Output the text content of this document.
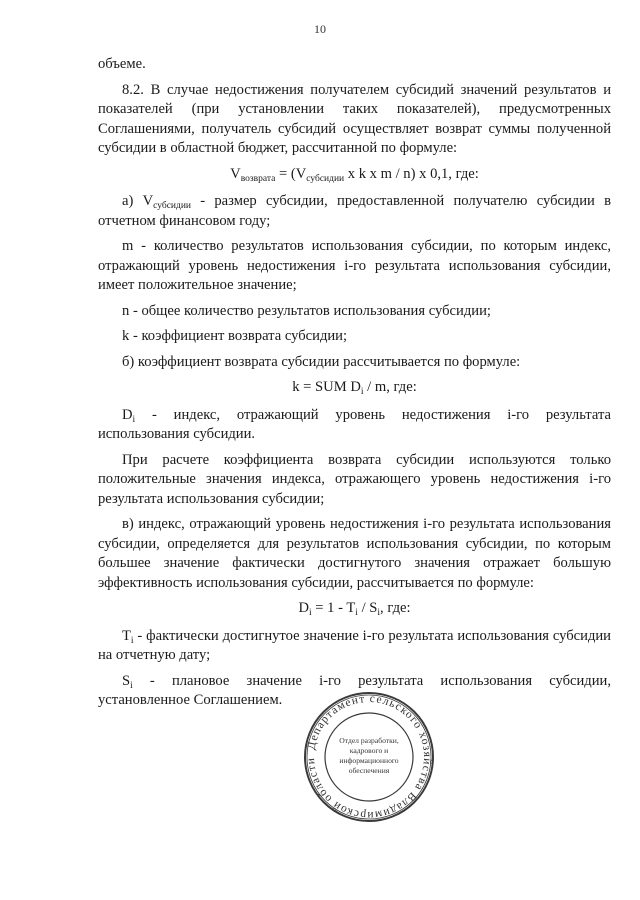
10

объеме.

8.2. В случае недостижения получателем субсидий значений результатов и показателей (при установлении таких показателей), предусмотренных Соглашениями, получатель субсидий осуществляет возврат суммы полученной субсидии в областной бюджет, рассчитанной по формуле:

$V_{возврата} = (V_{субсидии}$ x k x m / n) x 0,1, где:

а) $V_{субсидии}$ - размер субсидии, предоставленной получателю субсидии в отчетном финансовом году;

m - количество результатов использования субсидии, по которым индекс, отражающий уровень недостижения i-го результата использования субсидии, имеет положительное значение;

n - общее количество результатов использования субсидии;

k - коэффициент возврата субсидии;

б) коэффициент возврата субсидии рассчитывается по формуле:

k = SUM $D_i$ / m, где:

$D_i$ - индекс, отражающий уровень недостижения i-го результата использования субсидии.

При расчете коэффициента возврата субсидии используются только положительные значения индекса, отражающего уровень недостижения i-го результата использования субсидии;

в) индекс, отражающий уровень недостижения i-го результата использования субсидии, определяется для результатов использования субсидии, по которым большее значение фактически достигнутого значения отражает большую эффективность использования субсидии, рассчитывается по формуле:

$D_i = 1 - T_i / S_i$, где:

$T_i$ - фактически достигнутое значение i-го результата использования субсидии на отчетную дату;

$S_i$ - плановое значение i-го результата использования субсидии, установленное Соглашением.

Департамент сельского хозяйства Владимирской области
Отдел разработки,
кадрового и
информационного
обеспечения
